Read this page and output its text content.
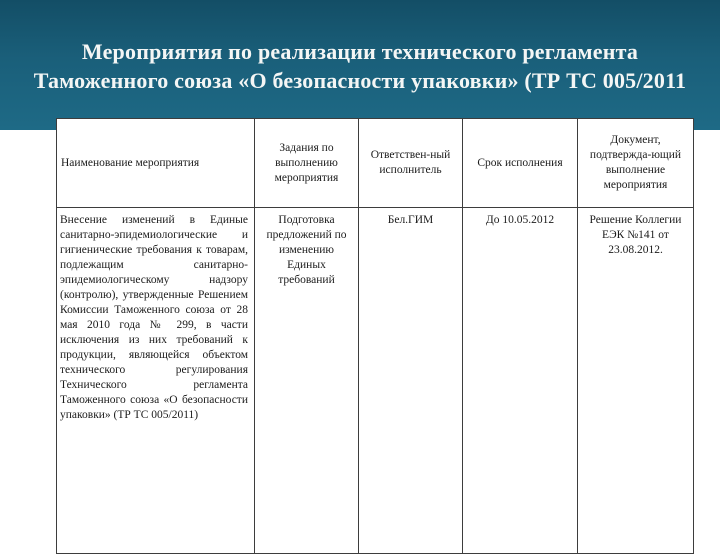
Мероприятия по реализации технического регламента Таможенного союза «О безопасности упаковки» (ТР ТС 005/2011
Наименование мероприятия	Задания по выполнению мероприятия	Ответствен-ный исполнитель	Срок исполнения	Документ, подтвержда-ющий выполнение мероприятия

Внесение изменений в Единые санитарно-эпидемиологические и гигиенические требования к товарам, подлежащим санитарно-эпидемиологическому надзору (контролю), утвержденные Решением Комиссии Таможенного союза от 28 мая 2010 года № 299, в части исключения из них требований к продукции, являющейся объектом технического регулирования Технического регламента Таможенного союза «О безопасности упаковки» (ТР ТС 005/2011)	Подготовка предложений по изменению Единых требований	Бел.ГИМ	До 10.05.2012	Решение Коллегии ЕЭК №141 от 23.08.2012.
